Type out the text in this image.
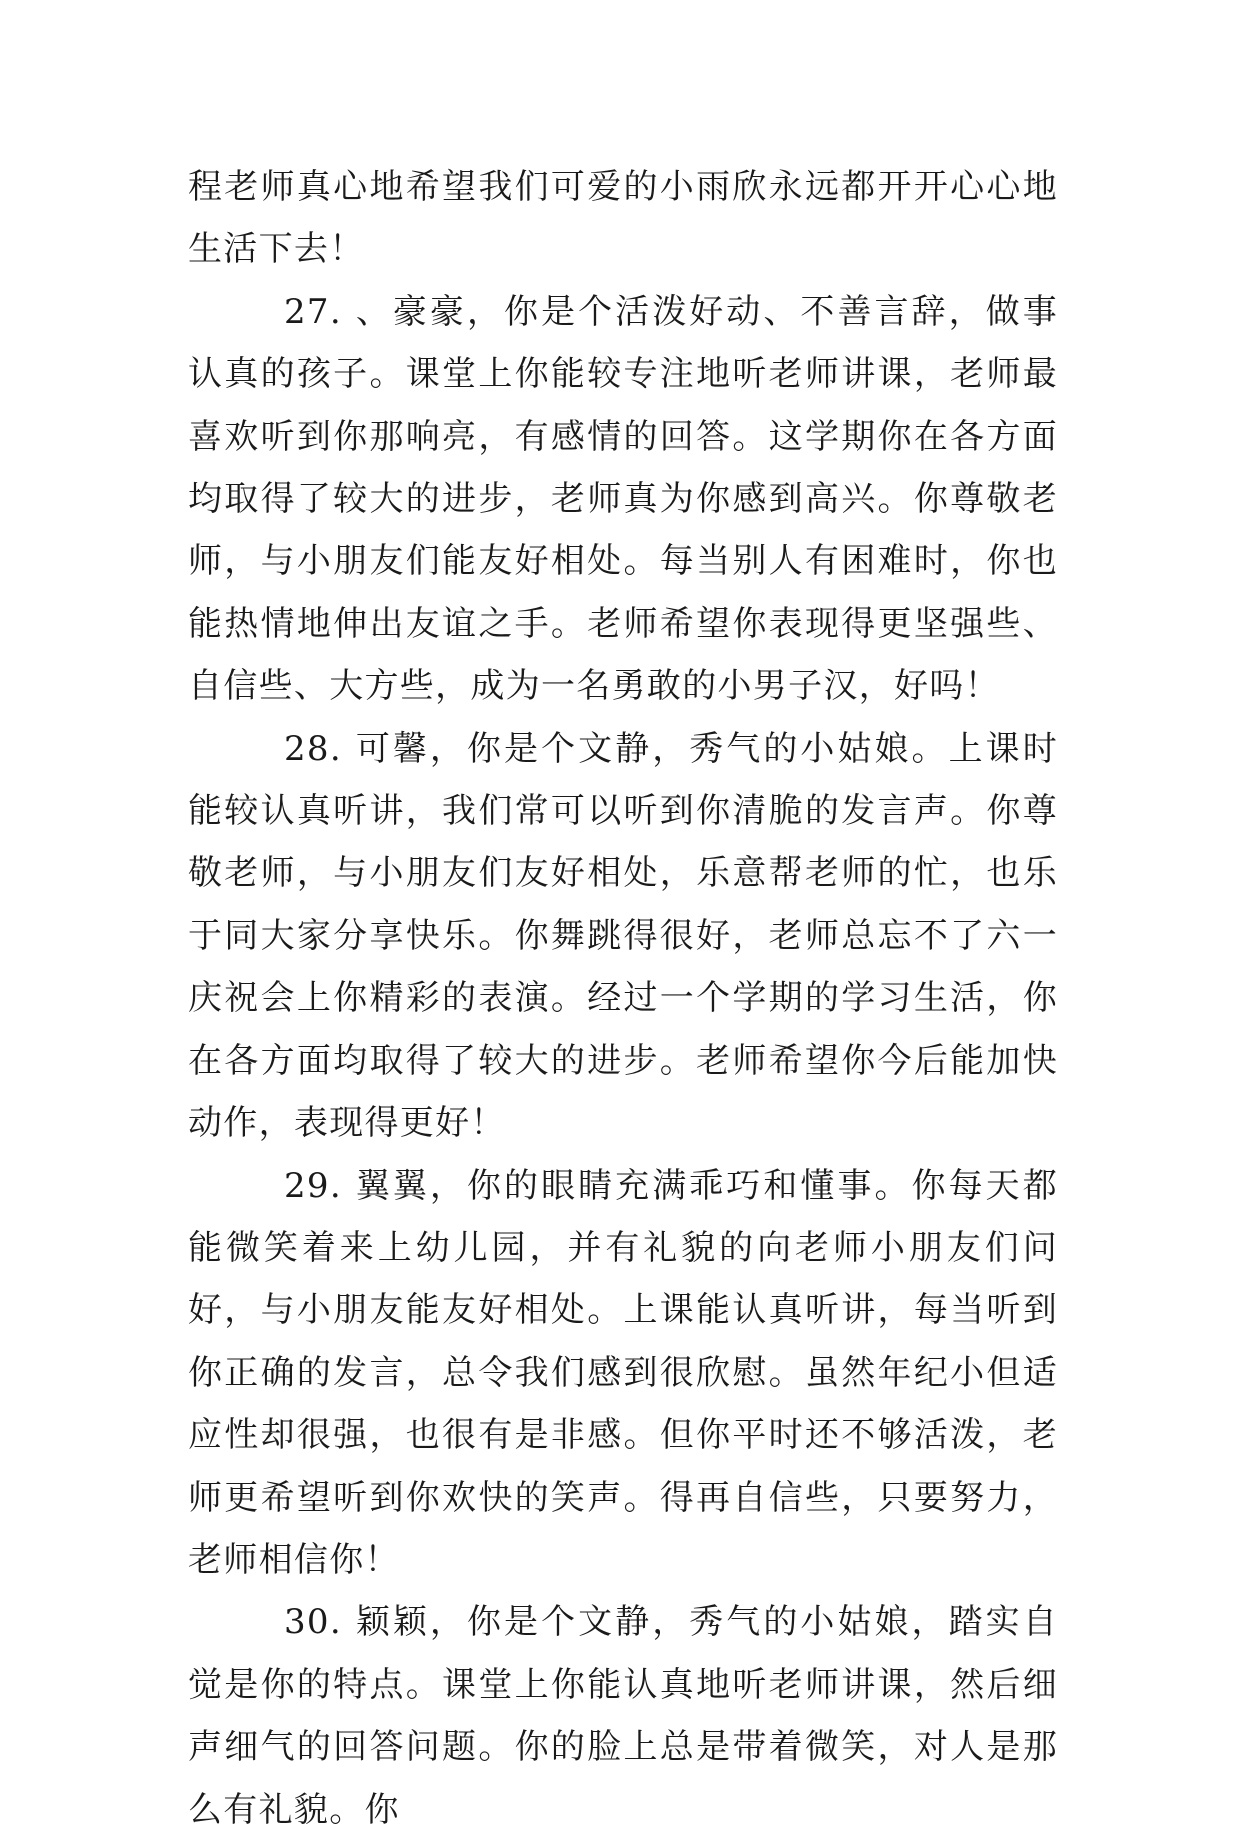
程老师真心地希望我们可爱的小雨欣永远都开开心心地生活下去！

27. 、豪豪，你是个活泼好动、不善言辞，做事认真的孩子。课堂上你能较专注地听老师讲课，老师最喜欢听到你那响亮，有感情的回答。这学期你在各方面均取得了较大的进步，老师真为你感到高兴。你尊敬老师，与小朋友们能友好相处。每当别人有困难时，你也能热情地伸出友谊之手。老师希望你表现得更坚强些、自信些、大方些，成为一名勇敢的小男子汉，好吗！

28. 可馨，你是个文静，秀气的小姑娘。上课时能较认真听讲，我们常可以听到你清脆的发言声。你尊敬老师，与小朋友们友好相处，乐意帮老师的忙，也乐于同大家分享快乐。你舞跳得很好，老师总忘不了六一庆祝会上你精彩的表演。经过一个学期的学习生活，你在各方面均取得了较大的进步。老师希望你今后能加快动作，表现得更好！

29. 翼翼，你的眼睛充满乖巧和懂事。你每天都能微笑着来上幼儿园，并有礼貌的向老师小朋友们问好，与小朋友能友好相处。上课能认真听讲，每当听到你正确的发言，总令我们感到很欣慰。虽然年纪小但适应性却很强，也很有是非感。但你平时还不够活泼，老师更希望听到你欢快的笑声。得再自信些，只要努力，老师相信你！

30. 颖颖，你是个文静，秀气的小姑娘，踏实自觉是你的特点。课堂上你能认真地听老师讲课，然后细声细气的回答问题。你的脸上总是带着微笑，对人是那么有礼貌。你
